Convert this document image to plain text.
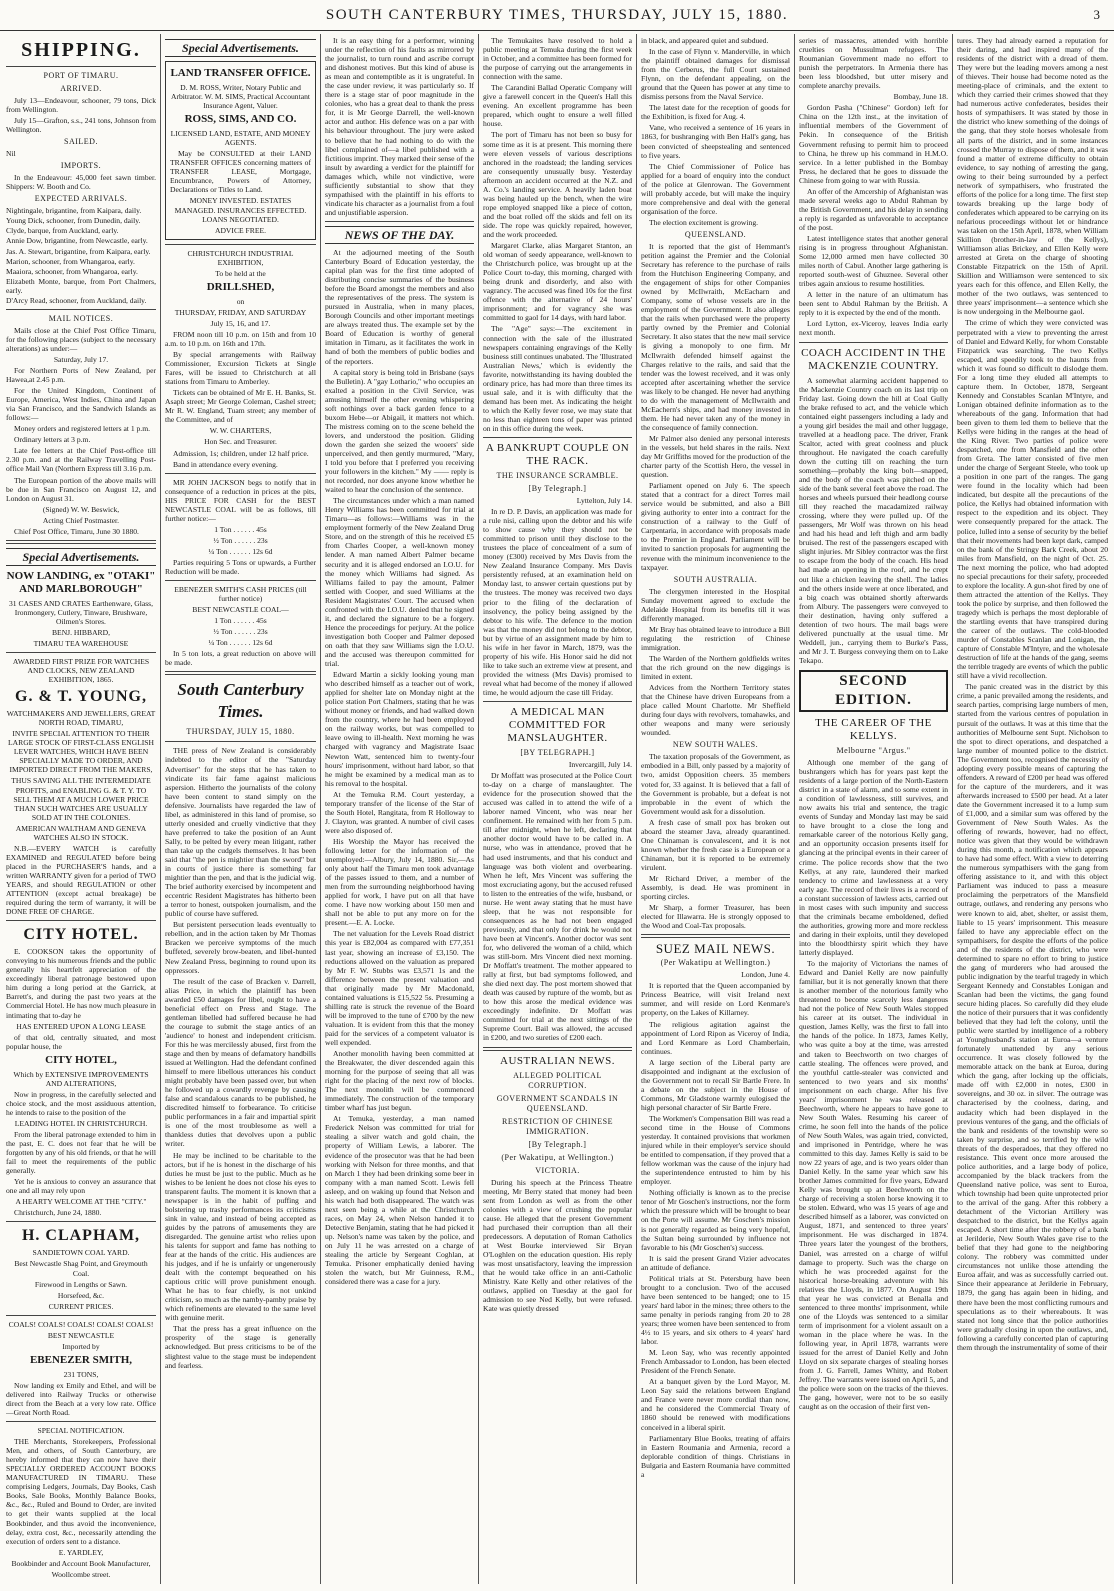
SOUTH CANTERBURY TIMES, THURSDAY, JULY 15, 1880.	3
SHIPPING.
PORT OF TIMARU.
ARRIVED.

July 13—Endeavour, schooner, 79 tons, Dick from Wellington.

July 15—Grafton, s.s., 241 tons, Johnson from Wellington.

SAILED.

Nil

IMPORTS.

In the Endeavour: 45,000 feet sawn timber. Shippers: W. Booth and Co.

EXPECTED ARRIVALS.

Nightingale, brigantine, from Kaipara, daily.

Young Dick, schooner, from Dunedin, daily.

Clyde, barque, from Auckland, early.

Annie Dow, brigantine, from Newcastle, early.

Jas. A. Stewart, brigantine, from Kaipara, early.

Marion, schooner, from Whangaroa, early.

Maaiora, schooner, from Whangaroa, early.

Elizabeth Monte, barque, from Port Chalmers, early.

D'Arcy Read, schooner, from Auckland, daily.

MAIL NOTICES.

Mails close at the Chief Post Office Timaru, for the following places (subject to the necessary alterations) as under:—

Saturday, July 17.

For Northern Ports of New Zealand, per Hawea,at 2.45 p.m.

For the United Kingdom, Continent of Europe, America, West Indies, China and Japan via San Francisco, and the Sandwich Islands as follows:—

Money orders and registered letters at 1 p.m.

Ordinary letters at 3 p.m.

Late fee letters at the Chief Post-office till 2.30 p.m. and at the Railway Travelling Post-office Mail Van (Northern Express till 3.16 p.m.

The European portion of the above mails will be due in San Francisco on August 12, and London on August 31.

(Signed) W. W. Beswick,

Acting Chief Postmaster.

Chief Post Office, Timaru, June 30 1880.

Special Advertisements.
NOW LANDING, ex "OTAKI" AND MARLBOROUGH"

31 CASES AND CRATES Earthenware, Glass, Ironmongery, Cutlery, Tinware, Brushware, Oilmen's Stores.

BENJ. HIBBARD,

TIMARU TEA WAREHOUSE

AWARDED FIRST PRIZE FOR WATCHES AND CLOCKS, NEW ZEALAND EXHIBITION, 1865.

G. & T. YOUNG,

WATCHMAKERS AND JEWELLERS, GREAT NORTH ROAD, TIMARU,

INVITE SPECIAL ATTENTION TO THEIR LARGE STOCK OF FIRST-CLASS ENGLISH LEVER WATCHES, WHICH HAVE BEEN SPECIALLY MADE TO ORDER, AND IMPORTED DIRECT FROM THE MAKERS,

THUS SAVING ALL THE INTERMEDIATE PROFITS, and ENABLING G. & T. Y. TO SELL THEM AT A MUCH LOWER PRICE THAN SUCH WATCHES ARE USUALLY SOLD AT IN THE COLONIES.

AMERICAN WALTHAM AND GENEVA WATCHES ALSO IN STOCK.

N.B.—EVERY WATCH is carefully EXAMINED and REGULATED before being placed in the PURCHASER'S hands, and a written WARRANTY given for a period of TWO YEARS, and should REGULATION or other ATTENTION (except actual breakage) be required during the term of warranty, it will be DONE FREE OF CHARGE.

CITY HOTEL.

E. COOKSON takes the opportunity of conveying to his numerous friends and the public generally his heartfelt appreciation of the exceedingly liberal patronage bestowed upon him during a long period at the Garrick, at Barrett's, and during the past two years at the Commercial Hotel. He has now much pleasure in intimating that to-day he

HAS ENTERED UPON A LONG LEASE

of that old, centrally situated, and most popular house, the

CITY HOTEL,

Which by EXTENSIVE IMPROVEMENTS AND ALTERATIONS,

Now in progress, in the carefully selected and choice stock, and the most assiduous attention, he intends to raise to the position of the

LEADING HOTEL IN CHRISTCHURCH.

From the liberal patronage extended to him in the past, E. C. does not fear that he will be forgotten by any of his old friends, or that he will fail to meet the requirements of the public generally.

Yet he is anxious to convey an assurance that one and all may rely upon

A HEARTY WELCOME AT THE "CITY."

Christchurch, June 24, 1880.

H. CLAPHAM,

SANDIETOWN COAL YARD.

Best Newcastle Shag Point, and Greymouth Coal.

Firewood in Lengths or Sawn.

Horsefeed, &c.

CURRENT PRICES.

COALS! COALS! COALS! COALS! COALS!

BEST NEWCASTLE

Imported by

EBENEZER SMITH,

231 TONS,

Now landing ex Emily and Ethel, and will be delivered into Railway Trucks or otherwise direct from the Beach at a very low rate. Office—Great North Road.

SPECIAL NOTIFICATION.

THE Merchants, Storekeepers, Professional Men, and others, of South Canterbury, are hereby informed that they can now have their SPECIALLY ORDERED ACCOUNT BOOKS MANUFACTURED IN TIMARU. These comprising Ledgers, Journals, Day Books, Cash Books, Sale Books, Monthly Balance Books, &c., &c., Ruled and Bound to Order, are invited to get their wants supplied at the local Bookbinder, and thus avoid the inconvenience, delay, extra cost, &c., necessarily attending the execution of orders sent to a distance.

E. YARDLEY,

Bookbinder and Account Book Manufacturer,

Woollcombe street.

Special Advertisements.
LAND TRANSFER OFFICE.

D. M. ROSS, Writer, Notary Public and Arbitrator. W. M. SIMS, Practical Accountant Insurance Agent, Valuer.

ROSS, SIMS, AND CO.

LICENSED LAND, ESTATE, AND MONEY AGENTS.

May be CONSULTED at their LAND TRANSFER OFFICES concerning matters of TRANSFER LEASE, Mortgage, Encumbrance, Powers of Attorney, Declarations or Titles to Land.

MONEY INVESTED. ESTATES MANAGED. INSURANCES EFFECTED. LOANS NEGOTIATED.

ADVICE FREE.

CHRISTCHURCH INDUSTRIAL EXHIBITION,

To be held at the

DRILLSHED,

on

THURSDAY, FRIDAY, AND SATURDAY

July 15, 16, and 17.

FROM noon till 10 p.m. on 15th and from 10 a.m. to 10 p.m. on 16th and 17th.

By special arrangements with Railway Commissioner, Excursion Tickets at Single Fares, will be issued to Christchurch at all stations from Timaru to Amberley.

Tickets can be obtained of Mr E. H. Banks, St. Asaph street; Mr George Coleman, Cashel street; Mr R. W. England, Tuam street; any member of the Committee, and of

W. W. CHARTERS,

Hon Sec. and Treasurer.

Admission, 1s; children, under 12 half price.

Band in attendance every evening.

MR JOHN JACKSON begs to notify that in consequence of a reduction in prices at the pits, HIS PRICE FOR CASH for the BEST NEWCASTLE COAL will be as follows, till further notice:—

1 Ton . . . . . . 45s

½ Ton . . . . . . 23s

¼ Ton . . . . . . 12s 6d

Parties requiring 5 Tons or upwards, a Further Reduction will be made.

EBENEZER SMITH'S CASH PRICES (till further notice)

BEST NEWCASTLE COAL—

1 Ton . . . . . . 45s

½ Ton . . . . . . 23s

¼ Ton . . . . . . 12s 6d

In 5 ton lots, a great reduction on above will be made.

South Canterbury Times.
THURSDAY, JULY 15, 1880.

THE press of New Zealand is considerably indebted to the editor of the "Saturday Advertiser" for the steps that he has taken to vindicate its fair fame against malicious aspersion. Hitherto the journalists of the colony have been content to stand simply on the defensive. Journalists have regarded the law of libel, as administered in this land of promise, so utterly onesided and cruelly vindictive that they have preferred to take the position of an Aunt Sally, to be pelted by every mean litigant, rather than take up the cudgels themselves. It has been said that "the pen is mightier than the sword" but in courts of justice there is something far mightier than the pen, and that is the judicial wig. The brief authority exercised by incompetent and eccentric Resident Magistrates has hitherto been a terror to honest, outspoken journalism, and the public of course have suffered.

But persistent persecution leads eventually to rebellion, and in the action taken by Mr Thomas Bracken we perceive symptoms of the much buffeted, severely brow-beaten, and libel-hunted New Zealand Press, beginning to round upon its oppressors.

The result of the case of Bracken v. Darrell, alias Price, in which the plaintiff has been awarded £50 damages for libel, ought to have a beneficial effect on Press and Stage. The gentleman libelled had suffered because he had the courage to submit the stage antics of an 'audience' to honest and independent criticism. For this he was mercilessly abused, first from the stage and then by means of defamatory handbills issued at Wellington. Had the defendant confined himself to mere libellous utterances his conduct might probably have been passed over, but when he followed up a cowardly revenge by causing false and scandalous canards to be published, he discredited himself to forbearance. To criticise public performances in a fair and impartial spirit is one of the most troublesome as well a thankless duties that devolves upon a public writer.

He may be inclined to be charitable to the actors, but if he is honest in the discharge of his duties he must be just to the public. Much as he wishes to be lenient he does not close his eyes to transparent faults. The moment it is known that a newspaper is in the habit of puffing and bolstering up trashy performances its criticisms sink in value, and instead of being accepted as guides by the patrons of amusements they are disregarded. The genuine artist who relies upon his talents for support and fame has nothing to fear at the hands of the critic. His audiences are his judges, and if he is unfairly or ungenerously dealt with the contempt bequeathed on his captious critic will prove punishment enough. What he has to fear chiefly, is not unkind criticism, so much as the namby-pamby praise by which refinements are elevated to the same level with genuine merit.

That the press has a great influence on the prosperity of the stage is generally acknowledged. But press criticisms to be of the slightest value to the stage must be independent and fearless.

It is an easy thing for a performer, winning under the reflection of his faults as mirrored by the journalist, to turn round and ascribe corrupt and dishonest motives. But this kind of abuse is as mean and contemptible as it is ungrateful. In the case under review, it was particularly so. If there is a stage star of poor magnitude in the colonies, who has a great deal to thank the press for, it is Mr George Darrell, the well-known actor and author. His defence was on a par with his behaviour throughout. The jury were asked to believe that he had nothing to do with the libel complained of—a libel published with a fictitious imprint. They marked their sense of the insult by awarding a verdict for the plaintiff for damages which, while not vindictive, were sufficiently substantial to show that they sympathised with the plaintiff in his efforts to vindicate his character as a journalist from a foul and unjustifiable aspersion.

NEWS OF THE DAY.

At the adjourned meeting of the South Canterbury Board of Education yesterday, the capital plan was for the first time adopted of distributing concise summaries of the business before the Board amongst the members and also the representatives of the press. The system is pursued in Australia, when in many places, Borough Councils and other important meetings are always treated thus. The example set by the Board of Education is worthy of general imitation in Timaru, as it facilitates the work in hand of both the members of public bodies and of the reporters.

A capital story is being told in Brisbane (says the Bulletin). A "gay Lothario," who occupies an exalted a position in the Civil Service, was amusing himself the other evening whispering soft nothings over a back garden fence to a buxom Hebe—or Abigail, it matters not which. The mistress coming on to the scene beheld the lovers, and understood the position. Gliding down the garden she seized the wooers' side unperceived, and then gently murmured, "Mary, I told you before that I preferred you receiving your followers in the kitchen." My —— reply is not recorded, nor does anyone know whether he waited to hear the conclusion of the sentence.

The circumstances under which a man named Henry Williams has been committed for trial at Timaru—as follows:—Williams was in the employment formerly of the New Zealand Drug Store, and on the strength of this he received £5 from Charles Cooper, a well-known money lender. A man named Albert Palmer became security and it is alleged endorsed an I.O.U. for the money which Williams had signed. As Williams failed to pay the amount, Palmer settled with Cooper, and sued Williams at the Resident Magistrates' Court. The accused when confronted with the I.O.U. denied that he signed it, and declared the signature to be a forgery. Hence the proceedings for perjury. At the police investigation both Cooper and Palmer deposed on oath that they saw Williams sign the I.O.U. and the accused was thereupon committed for trial.

Edward Martin a sickly looking young man who described himself as a teacher out of work, applied for shelter late on Monday night at the police station Port Chalmers, stating that he was without money or friends, and had walked down from the country, where he had been employed on the railway works, but was compelled to leave owing to ill-health. Next morning he was charged with vagrancy and Magistrate Isaac Newton Watt, sentenced him to twenty-four hours' imprisonment, without hard labor, so that he might be examined by a medical man as to his removal to the hospital.

At the Temuka R.M. Court yesterday, a temporary transfer of the license of the Star of the South Hotel, Rangitata, from R Holloway to J. Clayton, was granted. A number of civil cases were also disposed of.

His Worship the Mayor has received the following letter for the information of the unemployed:—Albury, July 14, 1880. Sir,—As only about half the Timaru men took advantage of the passes issued to them, and a number of men from the surrounding neighborhood having applied for work, I have put on all that have come. I have now working about 150 men and shall not be able to put any more on for the present.—E. A. Locke.

The net valuation for the Levels Road district this year is £82,004 as compared with £77,351 last year, showing an increase of £3,150. The reductions allowed on the valuation as prepared by Mr F. W. Stubbs was £3,571 1s and the difference between the present valuation and that originally made by Mr Macdonald, contained valuations is £15,522 5s. Presuming a shilling rate is struck the revenue of the Board will be improved to the tune of £700 by the new valuation. It is evident from this that the money paid for the services of a competent valuator is well expended.

Another monolith having been committed at the Breakwater, the diver descended again this morning for the purpose of seeing that all was right for the placing of the next row of blocks. The next monolith will be commenced immediately. The construction of the temporary timber wharf has just begun.

At Temuka, yesterday, a man named Frederick Nelson was committed for trial for stealing a silver watch and gold chain, the property of William Lewis, a laborer. The evidence of the prosecutor was that he had been working with Nelson for three months, and that on March 1 they had been drinking some beer in company with a man named Scott. Lewis fell asleep, and on waking up found that Nelson and his watch had both disappeared. The watch was next seen being a while at the Christchurch races, on May 24, when Nelson handed it to Detective Benjamin, stating that he had picked it up. Nelson's name was taken by the police, and on July 11 he was arrested on a charge of stealing the article by Sergeant Coghlan, at Temuka. Prisoner emphatically denied having stolen the watch, but Mr Guinness, R.M., considered there was a case for a jury.

The Temukaites have resolved to hold a public meeting at Temuka during the first week in October, and a committee has been formed for the purpose of carrying out the arrangements in connection with the same.

The Carandini Ballad Operatic Company will give a farewell concert in the Queen's Hall this evening. An excellent programme has been prepared, which ought to ensure a well filled house.

The port of Timaru has not been so busy for some time as it is at present. This morning there were eleven vessels of various descriptions anchored in the roadstead; the landing services are consequently unusually busy. Yesterday afternoon an accident occurred at the N.Z. and A. Co.'s landing service. A heavily laden boat was being hauled up the bench, when the wire rope employed snapped like a piece of cotton, and the boat rolled off the skids and fell on its side. The rope was quickly repaired, however, and the work proceeded.

Margaret Clarke, alias Margaret Stanton, an old woman of seedy appearance, well-known to the Christchurch police, was brought up at the Police Court to-day, this morning, charged with being drunk and disorderly, and also with vagrancy. The accused was fined 10s for the first offence with the alternative of 24 hours' imprisonment; and for vagrancy she was committed to gaol for 14 days, with hard labor.

The "Age" says:—The excitement in connection with the sale of the illustrated newspapers containing engravings of the Kelly business still continues unabated. The 'Illustrated Australian News,' which is evidently the favorite, notwithstanding its having doubled the ordinary price, has had more than three times its usual sale, and it is with difficulty that the demand has been met. As indicating the height to which the Kelly fever rose, we may state that no less than eighteen tons of paper was printed on in this office during the week.

A BANKRUPT COUPLE ON THE RACK.
THE INSURANCE SCRAMBLE.
[By Telegraph.]
Lyttelton, July 14.

In re D. P. Davis, an application was made for a rule nisi, calling upon the debtor and his wife to show cause why they should not be committed to prison until they disclose to the trustees the place of concealment of a sum of money (£300) received by Mrs Davis from the New Zealand Insurance Company. Mrs Davis persistently refused, at an examination held on Monday last, to answer certain questions put by the trustees. The money was received two days prior to the filing of the declaration of insolvency, the policy being assigned by the debtor to his wife. The defence to the motion was that the money did not belong to the debtor, but by virtue of an assignment made by him to his wife in her favor in March, 1879, was the property of his wife. His Honor said he did not like to take such an extreme view at present, and provided the witness (Mrs Davis) promised to reveal what had become of the money if allowed time, he would adjourn the case till Friday.

A MEDICAL MAN COMMITTED FOR MANSLAUGHTER.
[BY TELEGRAPH.]
Invercargill, July 14.

Dr Moffatt was prosecuted at the Police Court to-day on a charge of manslaughter. The evidence for the prosecution showed that the accused was called in to attend the wife of a laborer named Vincent, who was near her confinement. He remained with her from 5 p.m. till after midnight, when he left, declaring that another doctor would have to be called in. A nurse, who was in attendance, proved that he had used instruments, and that his conduct and language was both violent and overbearing. When he left, Mrs Vincent was suffering the most excruciating agony, but the accused refused to listen to the entreaties of the wife, husband, or nurse. He went away stating that he must have sleep, that he was not responsible for consequences as he had not been engaged previously, and that only for drink he would not have been at Vincent's. Another doctor was sent for, who delivered the woman of a child, which was still-born. Mrs Vincent died next morning. Dr Moffatt's treatment. The mother appeared to rally at first, but bad symptoms followed, and she died next day. The post mortem showed that death was caused by rupture of the womb, but as to how this arose the medical evidence was exceedingly indefinite. Dr Moffatt was committed for trial at the next sittings of the Supreme Court. Bail was allowed, the accused in £200, and two sureties of £200 each.

AUSTRALIAN NEWS.
ALLEGED POLITICAL CORRUPTION.
GOVERNMENT SCANDALS IN QUEENSLAND.
RESTRICTION OF CHINESE IMMIGRATION.
[By Telegraph.]
(Per Wakatipu, at Wellington.)
VICTORIA.

During his speech at the Princess Theatre meeting, Mr Berry stated that money had been sent from London as well as from the other colonies with a view of crushing the popular cause. He alleged that the present Government had purchased their corruption than all their predecessors. A deputation of Roman Catholics at West Bourke interviewed Sir Bryan O'Loghlen on the education question. His reply was most unsatisfactory, leaving the impression that he would take office in an anti-Catholic Ministry. Kate Kelly and other relatives of the outlaws, applied on Tuesday at the gaol for admission to see Ned Kelly, but were refused. Kate was quietly dressed

in black, and appeared quiet and subdued.

In the case of Flynn v. Manderville, in which the plaintiff obtained damages for dismissal from the Cerberus, the full Court sustained Flynn, on the defendant appealing, on the ground that the Queen has power at any time to dismiss persons from the Naval Service.

The latest date for the reception of goods for the Exhibition, is fixed for Aug. 4.

Vane, who received a sentence of 16 years in 1863, for bushranging with Ben Hall's gang, has been convicted of sheepstealing and sentenced to five years.

The Chief Commissioner of Police has applied for a board of enquiry into the conduct of the police at Glenrowan. The Government will probably accede, but will make the inquiry more comprehensive and deal with the general organisation of the force.

The election excitement is growing.

QUEENSLAND.

It is reported that the gist of Hemmant's petition against the Premier and the Colonial Secretary has reference to the purchase of rails from the Hutchison Engineering Company, and the engagement of ships for other Companies owned by McIlwraith, McEacharn and Company, some of whose vessels are in the employment of the Government. It also alleges that the rails when purchased were the property partly owned by the Premier and Colonial Secretary. It also states that the new mail service is giving a monopoly to one firm. Mr McIlwraith defended himself against the Charges relative to the rails, and said that the tender was the lowest received, and it was only accepted after ascertaining whether the service was likely to be changed. He never had anything to do with the management of McIlwraith and McEachern's ships, and had money invested in them. He had never taken any of the money in the consequence of family connection.

Mr Palmer also denied any personal interests in the vessels, but held shares in the rails. Next day Mr Griffiths moved for the production of the charter party of the Scottish Hero, the vessel in question.

Parliament opened on July 6. The speech stated that a contract for a direct Torres mail service would be submitted, and also a Bill giving authority to enter into a contract for the construction of a railway to the Gulf of Carpentaria, in accordance with proposals made to the Premier in England. Parliament will be invited to sanction proposals for augmenting the revenue with the minimum inconvenience to the taxpayer.

SOUTH AUSTRALIA.

The clergymen interested in the Hospital Sunday movement agreed to exclude the Adelaide Hospital from its benefits till it was differently managed.

Mr Bray has obtained leave to introduce a Bill regulating the restriction of Chinese immigration.

The Warden of the Northern goldfields writes that the rich ground on the new diggings is limited in extent.

Advices from the Northern Territory states that the Chinese have driven Europeans from a place called Mount Charlotte. Mr Sheffield during four days with revolvers, tomahawks, and other weapons and many were seriously wounded.

NEW SOUTH WALES.

The taxation proposals of the Government, as embodied in a Bill, only passed by a majority of two, amidst Opposition cheers. 35 members voted for, 33 against. It is believed that a fall of the Government is probable, but a defeat is not improbable in the event of which the Government would ask for a dissolution.

A fresh case of small pox has broken out aboard the steamer Java, already quarantined. One Chinaman is convalescent, and it is not known whether the fresh case is a European or a Chinaman, but it is reported to be extremely virulent.

Mr Richard Driver, a member of the Assembly, is dead. He was prominent in sporting circles.

Mr Sharp, a former Treasurer, has been elected for Illawarra. He is strongly opposed to the Wood and Coal-Tax proposals.

SUEZ MAIL NEWS.
(Per Wakatipu at Wellington.)
London, June 4.

It is reported that the Queen accompanied by Princess Beatrice, will visit Ireland next summer, and will reside on Lord Kenmare's property, on the Lakes of Killarney.

The religious agitation against the appointment of Lord Ripon as Viceroy of India, and Lord Kenmare as Lord Chamberlain, continues.

A large section of the Liberal party are disappointed and indignant at the exclusion of the Government not to recall Sir Bartle Frere. In a debate on the subject in the House of Commons, Mr Gladstone warmly eulogised the high personal character of Sir Bartle Frere.

The Workmen's Compensation Bill was read a second time in the House of Commons yesterday. It contained provisions that workmen injured while in their employer's service should be entitled to compensation, if they proved that a fellow workman was the cause of the injury had the superintendence entrusted to him by his employer.

Nothing officially is known as to the precise tenor of Mr Goschen's instructions, nor the form which the pressure which will be brought to bear on the Porte will assume. Mr Goschen's mission is not generally regarded as being very hopeful, the Sultan being surrounded by influence not favorable to his (Mr Goschen's) success.

It is said the present Grand Vizier advocates an attitude of defiance.

Political trials at St. Petersburg have been brought to a conclusion. Two of the accused have been sentenced to be hanged; one to 15 years' hard labor in the mines; three others to the same penalty in periods ranging from 20 to 28 years; three women have been sentenced to from 4½ to 15 years, and six others to 4 years' hard labor.

M. Leon Say, who was recently appointed French Ambassador to London, has been elected President of the French Senate.

At a banquet given by the Lord Mayor, M. Leon Say said the relations between England and France were never more cordial than now, and he considered the Commercial Treaty of 1860 should be renewed with modifications conceived in a liberal spirit.

Parliamentary Blue Books, treating of affairs in Eastern Roumania and Armenia, record a deplorable condition of things. Christians in Bulgaria and Eastern Roumania have committed a

series of massacres, attended with horrible cruelties on Mussulman refugees. The Roumanian Government made no effort to punish the perpetrators. In Armenia there has been less bloodshed, but utter misery and complete anarchy prevails.

Bombay, June 18.

Gordon Pasha ("Chinese" Gordon) left for China on the 12th inst., at the invitation of influential members of the Government of Pekin. In consequence of the British Government refusing to permit him to proceed to China, he threw up his command in H.M.O. service. In a letter published in the Bombay Press, he declared that he goes to dissuade the Chinese from going to war with Russia.

An offer of the Amcership of Afghanistan was made several weeks ago to Abdul Rahman by the British Government, and his delay in sending a reply is regarded as unfavorable to acceptance of the post.

Latest intelligence states that another general rising is in progress throughout Afghanistan. Some 12,000 armed men have collected 30 miles north of Cabul. Another large gathering is reported south-west of Ghuznee. Several other tribes again anxious to resume hostilities.

A letter in the nature of an ultimatum has been sent to Abdul Rahman by the British. A reply to it is expected by the end of the month.

Lord Lytton, ex-Viceroy, leaves India early next month.

COACH ACCIDENT IN THE MACKENZIE COUNTRY.

A somewhat alarming accident happened to the Mackenzie Country coach on its last trip on Friday last. Going down the hill at Coal Gully the brake refused to act, and the vehicle which contained eight passengers including a lady and a young girl besides the mail and other luggage, travelled at a headlong pace. The driver, Frank Scaltor, acted with great coolness and pluck throughout. He navigated the coach carefully down the cutting till on reaching the turn something—probably the king bolt—snapped, and the body of the coach was pitched on the side of the bank several feet above the road. The horses and wheels pursued their headlong course till they reached the macadamized railway crossing, where they were pulled up. Of the passengers, Mr Wolf was thrown on his head and had his head and left thigh and arm badly bruised. The rest of the passengers escaped with slight injuries. Mr Sibley contractor was the first to escape from the body of the coach. His head had made an opening in the roof, and he crept out like a chicken leaving the shell. The ladies and the others inside were at once liberated, and a big coach was obtained shortly afterwards from Albury. The passengers were conveyed to their destination, having only suffered a detention of two hours. The mail bags were delivered punctually at the usual time. Mr Weddell, jun., carrying them to Burke's Pass, and Mr J. T. Burgess conveying them on to Lake Tekapo.

SECOND EDITION.
THE CAREER OF THE KELLYS.
Melbourne "Argus."

Although one member of the gang of bushrangers which has for years past kept the residents of a large portion of the North-Eastern district in a state of alarm, and to some extent in a condition of lawlessness, still survives, and now awaits his trial and sentence, the tragic events of Sunday and Monday last may be said to have brought to a close the long and remarkable career of the notorious Kelly gang, and an opportunity occasion presents itself for glancing at the principal events in their career of crime. The police records show that the two Kellys, at any rate, laundered their marked tendency to crime and lawlessness at a very early age. The record of their lives is a record of a constant succession of lawless acts, carried out in most cases with such impunity and success that the criminals became emboldened, defied the authorities, growing more and more reckless and daring in their exploits, until they developed into the bloodthirsty spirit which they have latterly displayed.

To the majority of Victorians the names of Edward and Daniel Kelly are now painfully familiar, but it is not generally known that there is another member of the notorious family who threatened to become scarcely less dangerous had not the police of New South Wales stopped his career at its outset. The individual in question, James Kelly, was the first to fall into the hands of the police. In 1873, James Kelly, who was quite a boy at the time, was arrested and taken to Beechworth on two charges of cattle stealing. The offences were proved, and the youthful cattle-stealer was convicted and sentenced to two years and six months' imprisonment on each charge. After his five years' imprisonment he was released at Beechworth, where he appears to have gone to New South Wales. Resuming his career of crime, he soon fell into the hands of the police of New South Wales, was again tried, convicted, and imprisoned in Pentridge, where he was committed to this day. James Kelly is said to be now 22 years of age, and is two years older than Daniel Kelly. In the same year which saw his brother James committed for five years, Edward Kelly was brought up at Beechworth on the charge of receiving a stolen horse knowing it to be stolen. Edward, who was 15 years of age and described himself as a laborer, was convicted on August, 1871, and sentenced to three years' imprisonment. He was discharged in 1874. Three years later the youngest of the brothers, Daniel, was arrested on a charge of wilful damage to property. Such was the charge on which he was proceeded against for the historical horse-breaking adventure with his relatives the Lloyds, in 1877. On August 19th that year he was convicted at Benalla and sentenced to three months' imprisonment, while one of the Lloyds was sentenced to a similar term of imprisonment for a violent assault on a woman in the place where he was. In the following year, in April 1878, warrants were issued for the arrest of Daniel Kelly and John Lloyd on six separate charges of stealing horses from J. G. Farrell, James Whitty, and Robert Jeffrey. The warrants were issued on April 5, and the police were soon on the tracks of the thieves. The gang, however, were not to be so easily caught as on the occasion of their first ven-

tures. They had already earned a reputation for their daring, and had inspired many of the residents of the district with a dread of them. They were but the leading movers among a nest of thieves. Their house had become noted as the meeting-place of criminals, and the extent to which they carried their crimes showed that they had numerous active confederates, besides their hosts of sympathisers. It was stated by those in the district who knew something of the doings of the gang, that they stole horses wholesale from all parts of the district, and in some instances crossed the Murray to dispose of them, and it was found a matter of extreme difficulty to obtain evidence, to say nothing of arresting the gang, owing to their being surrounded by a perfect network of sympathisers, who frustrated the efforts of the police for a long time. The first step towards breaking up the large body of confederates which appeared to be carrying on its nefarious proceedings without let or hindrance was taken on the 15th April, 1878, when William Skillion (brother-in-law of the Kellys), Williamson alias Brickey, and Ellen Kelly were arrested at Greta on the charge of shooting Constable Fitzpatrick on the 15th of April. Skillion and Williamson were sentenced to six years each for this offence, and Ellen Kelly, the mother of the two outlaws, was sentenced to three years' imprisonment—a sentence which she is now undergoing in the Melbourne gaol.

The crime of which they were convicted was perpetrated with a view to preventing the arrest of Daniel and Edward Kelly, for whom Constable Fitzpatrick was searching. The two Kellys escaped, and speedily took to the haunts from which it was found so difficult to dislodge them. For a long time they eluded all attempts to capture them. In October, 1878, Sergeant Kennedy and Constables Scanlan M'Intyre, and Lonigan obtained definite information as to the whereabouts of the gang. Information that had been given to them led them to believe that the Kellys were hiding in the ranges at the head of the King River. Two parties of police were despatched, one from Mansfield and the other from Greta. The latter consisted of five men under the charge of Sergeant Steele, who took up a position in one part of the ranges. The gang were found in the locality which had been indicated, but despite all the precautions of the police, the Kellys had obtained information with respect to the expedition and its object. They were consequently prepared for the attack. The police, lulled into a sense of security by the belief that their movements had been kept dark, camped on the bank of the Stringy Bark Creek, about 20 miles from Mansfield, on the night of Oct. 25. The next morning the police, who had adopted no special precautions for their safety, proceeded to explore the locality. A gun-shot fired by one of them attracted the attention of the Kellys. They took the police by surprise, and then followed the tragedy which is perhaps the most deplorable of the startling events that have transpired during the career of the outlaws. The cold-blooded murder of Constables Scanlan and Lonigan, the capture of Constable M'Intyre, and the wholesale destruction of life at the hands of the gang, seems the terrible tragedy are events of which the public still have a vivid recollection.

The panic created was in the district by this crime, a panic prevailed among the residents, and search parties, comprising large numbers of men, started from the various centres of population in pursuit of the outlaws. It was at this time that the authorities of Melbourne sent Supt. Nicholson to the spot to direct operations, and despatched a large number of mounted police to the district. The Government too, recognised the necessity of adopting every possible means of capturing the offenders. A reward of £200 per head was offered for the capture of the murderers, and it was afterwards increased to £500 per head. At a later date the Government increased it to a lump sum of £1,000, and a similar sum was offered by the Government of New South Wales. As the offering of rewards, however, had no effect, notice was given that they would be withdrawn during this month, a notification which appears to have had some effect. With a view to deterring the numerous sympathisers with the gang from offering assistance to it, and with this object Parliament was induced to pass a measure proclaiming the perpetrators of the Mansfield outrage, outlaws, and rendering any persons who were known to aid, abet, shelter, or assist them, liable to 15 years' imprisonment. This measure failed to have any appreciable effect on the sympathisers, for despite the efforts of the police and of the residents of the district, who were determined to spare no effort to bring to justice the gang of murderers who had aroused the public indignation by the tearful tragedy in which Sergeant Kennedy and Constables Lonigan and Scanlan had been the victims, the gang found secure hiding places. So carefully did they elude the notice of their pursuers that it was confidently believed that they had left the colony, until the public were startled by intelligence of a robbery at Younghusband's station at Euroa—a venture fortunately unattended by any serious occurrence. It was closely followed by the memorable attack on the bank at Euroa, during which the gang, after locking up the officials, made off with £2,000 in notes, £300 in sovereigns, and 30 oz. in silver. The outrage was characterised by the coolness, daring, and audacity which had been displayed in the previous ventures of the gang, and the officials of the bank and residents of the township were so taken by surprise, and so terrified by the wild threats of the desperadoes, that they offered no resistance. This event once more aroused the police authorities, and a large body of police, accompanied by the black trackers from the Queensland native police, was sent to Euroa, which township had been quite unprotected prior to the arrival of the gang. After this robbery a detachment of the Victorian Artillery was despatched to the district, but the Kellys again escaped. A short time after the robbery of a bank at Jerilderie, New South Wales gave rise to the belief that they had gone to the neighboring colony. The robbery was committed under circumstances not unlike those attending the Euroa affair, and was as successfully carried out. Since their appearance at Jerilderie in February, 1879, the gang has again been in hiding, and there have been the most conflicting rumours and speculations as to their whereabouts. It was stated not long since that the police authorities were gradually closing in upon the outlaws, and, following a carefully concerted plan of capturing them through the instrumentality of some of their
